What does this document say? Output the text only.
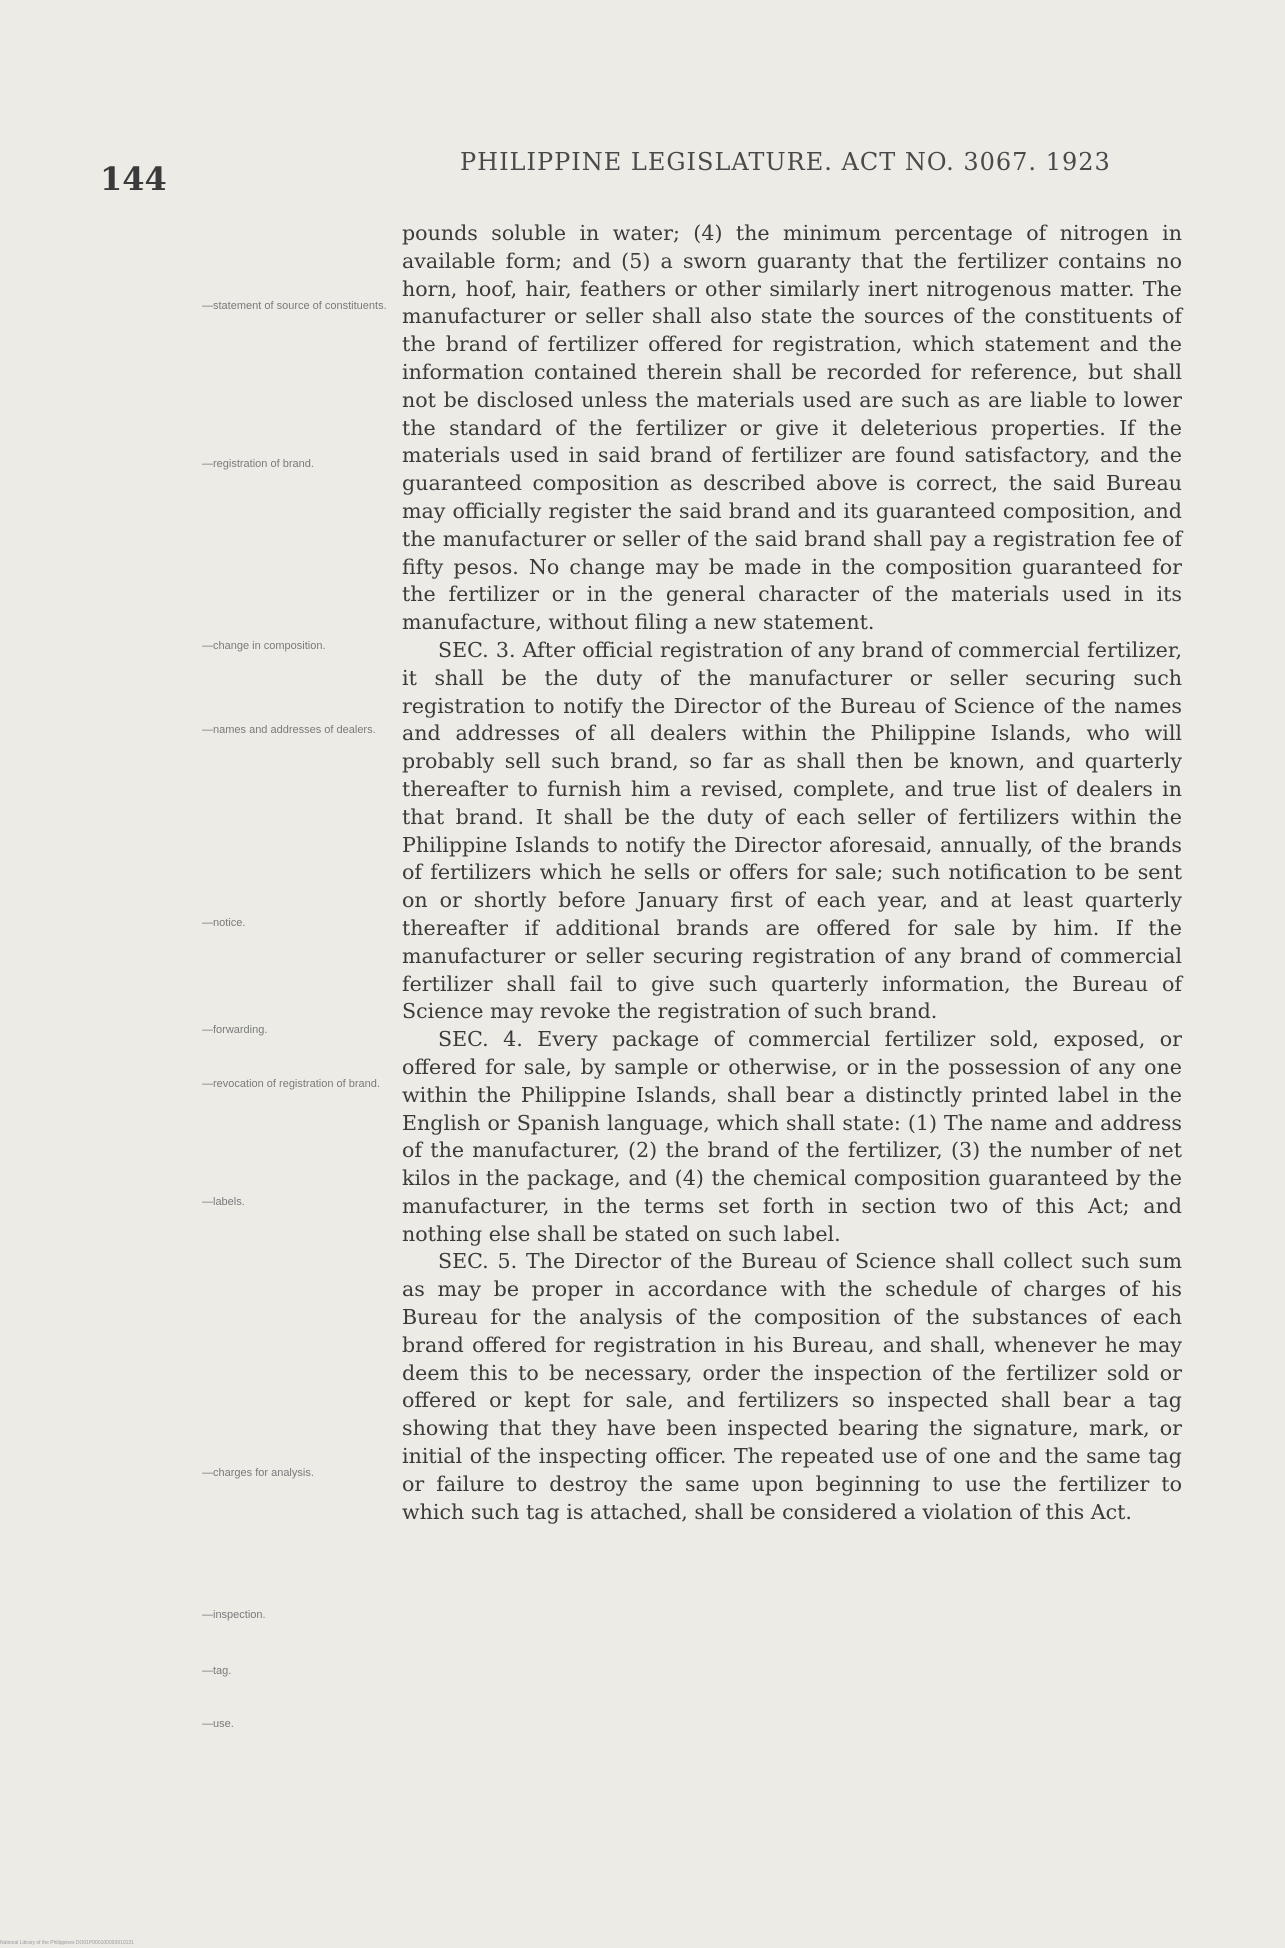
144	PHILIPPINE LEGISLATURE. ACT NO. 3067. 1923
—statement of source of constituents.
—registration of brand.
—change in composition.
—names and addresses of dealers.
—notice.
—forwarding.
—revocation of registration of brand.
—labels.
—charges for analysis.
—inspection.
—tag.
—use.

pounds soluble in water; (4) the minimum percentage of nitrogen in available form; and (5) a sworn guaranty that the fertilizer contains no horn, hoof, hair, feathers or other similarly inert nitrogenous matter. The manufacturer or seller shall also state the sources of the constituents of the brand of fertilizer offered for registration, which statement and the information contained therein shall be recorded for reference, but shall not be disclosed unless the materials used are such as are liable to lower the standard of the fertilizer or give it deleterious properties. If the materials used in said brand of fertilizer are found satisfactory, and the guaranteed composition as described above is correct, the said Bureau may officially register the said brand and its guaranteed composition, and the manufacturer or seller of the said brand shall pay a registration fee of fifty pesos. No change may be made in the composition guaranteed for the fertilizer or in the general character of the materials used in its manufacture, without filing a new statement.

SEC. 3. After official registration of any brand of commercial fertilizer, it shall be the duty of the manufacturer or seller securing such registration to notify the Director of the Bureau of Science of the names and addresses of all dealers within the Philippine Islands, who will probably sell such brand, so far as shall then be known, and quarterly thereafter to furnish him a revised, complete, and true list of dealers in that brand. It shall be the duty of each seller of fertilizers within the Philippine Islands to notify the Director aforesaid, annually, of the brands of fertilizers which he sells or offers for sale; such notification to be sent on or shortly before January first of each year, and at least quarterly thereafter if additional brands are offered for sale by him. If the manufacturer or seller securing registration of any brand of commercial fertilizer shall fail to give such quarterly information, the Bureau of Science may revoke the registration of such brand.

SEC. 4. Every package of commercial fertilizer sold, exposed, or offered for sale, by sample or otherwise, or in the possession of any one within the Philippine Islands, shall bear a distinctly printed label in the English or Spanish language, which shall state: (1) The name and address of the manufacturer, (2) the brand of the fertilizer, (3) the number of net kilos in the package, and (4) the chemical composition guaranteed by the manufacturer, in the terms set forth in section two of this Act; and nothing else shall be stated on such label.

SEC. 5. The Director of the Bureau of Science shall collect such sum as may be proper in accordance with the schedule of charges of his Bureau for the analysis of the composition of the substances of each brand offered for registration in his Bureau, and shall, whenever he may deem this to be necessary, order the inspection of the fertilizer sold or offered or kept for sale, and fertilizers so inspected shall bear a tag showing that they have been inspected bearing the signature, mark, or initial of the inspecting officer. The repeated use of one and the same tag or failure to destroy the same upon beginning to use the fertilizer to which such tag is attached, shall be considered a violation of this Act.

National Library of the Philippines DO01P000100093910131
